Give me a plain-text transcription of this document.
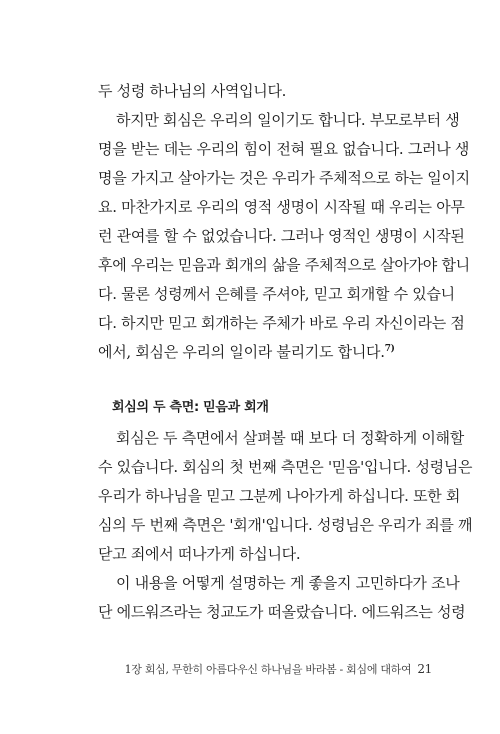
두 성령 하나님의 사역입니다.
하지만 회심은 우리의 일이기도 합니다. 부모로부터 생
명을 받는 데는 우리의 힘이 전혀 필요 없습니다. 그러나 생
명을 가지고 살아가는 것은 우리가 주체적으로 하는 일이지
요. 마찬가지로 우리의 영적 생명이 시작될 때 우리는 아무
런 관여를 할 수 없었습니다. 그러나 영적인 생명이 시작된
후에 우리는 믿음과 회개의 삶을 주체적으로 살아가야 합니
다. 물론 성령께서 은혜를 주셔야, 믿고 회개할 수 있습니
다. 하지만 믿고 회개하는 주체가 바로 우리 자신이라는 점
에서, 회심은 우리의 일이라 불리기도 합니다.$^{7)}$
회심의 두 측면: 믿음과 회개
회심은 두 측면에서 살펴볼 때 보다 더 정확하게 이해할
수 있습니다. 회심의 첫 번째 측면은 '믿음'입니다. 성령님은
우리가 하나님을 믿고 그분께 나아가게 하십니다. 또한 회
심의 두 번째 측면은 '회개'입니다. 성령님은 우리가 죄를 깨
닫고 죄에서 떠나가게 하십니다.
이 내용을 어떻게 설명하는 게 좋을지 고민하다가 조나
단 에드워즈라는 청교도가 떠올랐습니다. 에드워즈는 성령
1장 회심, 무한히 아름다우신 하나님을 바라봄 - 회심에 대하여 21
